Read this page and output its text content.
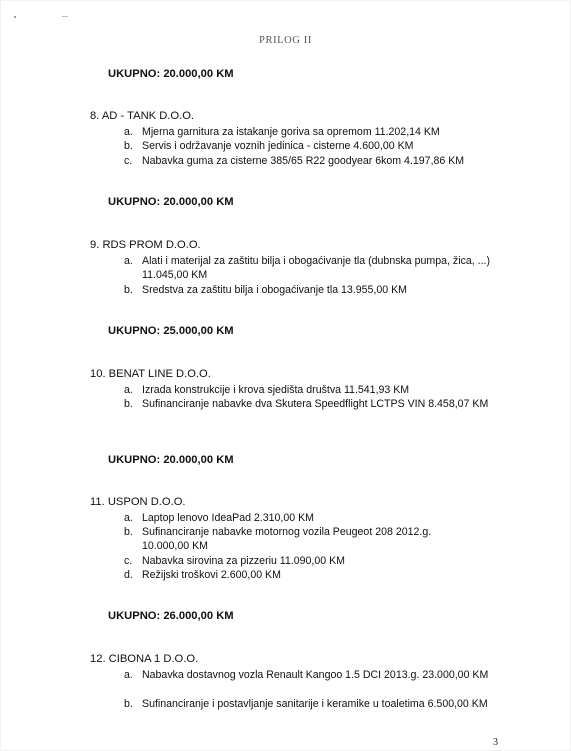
PRILOG II
UKUPNO: 20.000,00 KM
8. AD - TANK D.O.O.
a. Mjerna garnitura za istakanje goriva sa opremom 11.202,14 KM
b. Servis i održavanje voznih jedinica - cisterne 4.600,00 KM
c. Nabavka guma za cisterne 385/65 R22 goodyear 6kom 4.197,86 KM
UKUPNO: 20.000,00 KM
9. RDS PROM D.O.O.
a. Alati i materijal za zaštitu bilja i obogaćivanje tla (dubnska pumpa, žica, ...) 11.045,00 KM
b. Sredstva za zaštitu bilja i obogaćivanje tla 13.955,00 KM
UKUPNO: 25.000,00 KM
10. BENAT LINE D.O.O.
a. Izrada konstrukcije i krova sjedišta društva 11.541,93 KM
b. Sufinanciranje nabavke dva Skutera Speedflight LCTPS VIN 8.458,07 KM
UKUPNO: 20.000,00 KM
11. USPON D.O.O.
a. Laptop lenovo IdeaPad 2.310,00 KM
b. Sufinanciranje nabavke motornog vozila Peugeot 208 2012.g. 10.000,00 KM
c. Nabavka sirovina za pizzeriu 11.090,00 KM
d. Režijski troškovi 2.600,00 KM
UKUPNO: 26.000,00 KM
12. CIBONA 1 D.O.O.
a. Nabavka dostavnog vozla Renault Kangoo 1.5 DCI 2013.g. 23.000,00 KM
b. Sufinanciranje i postavljanje sanitarije i keramike u toaletima 6.500,00 KM
3
